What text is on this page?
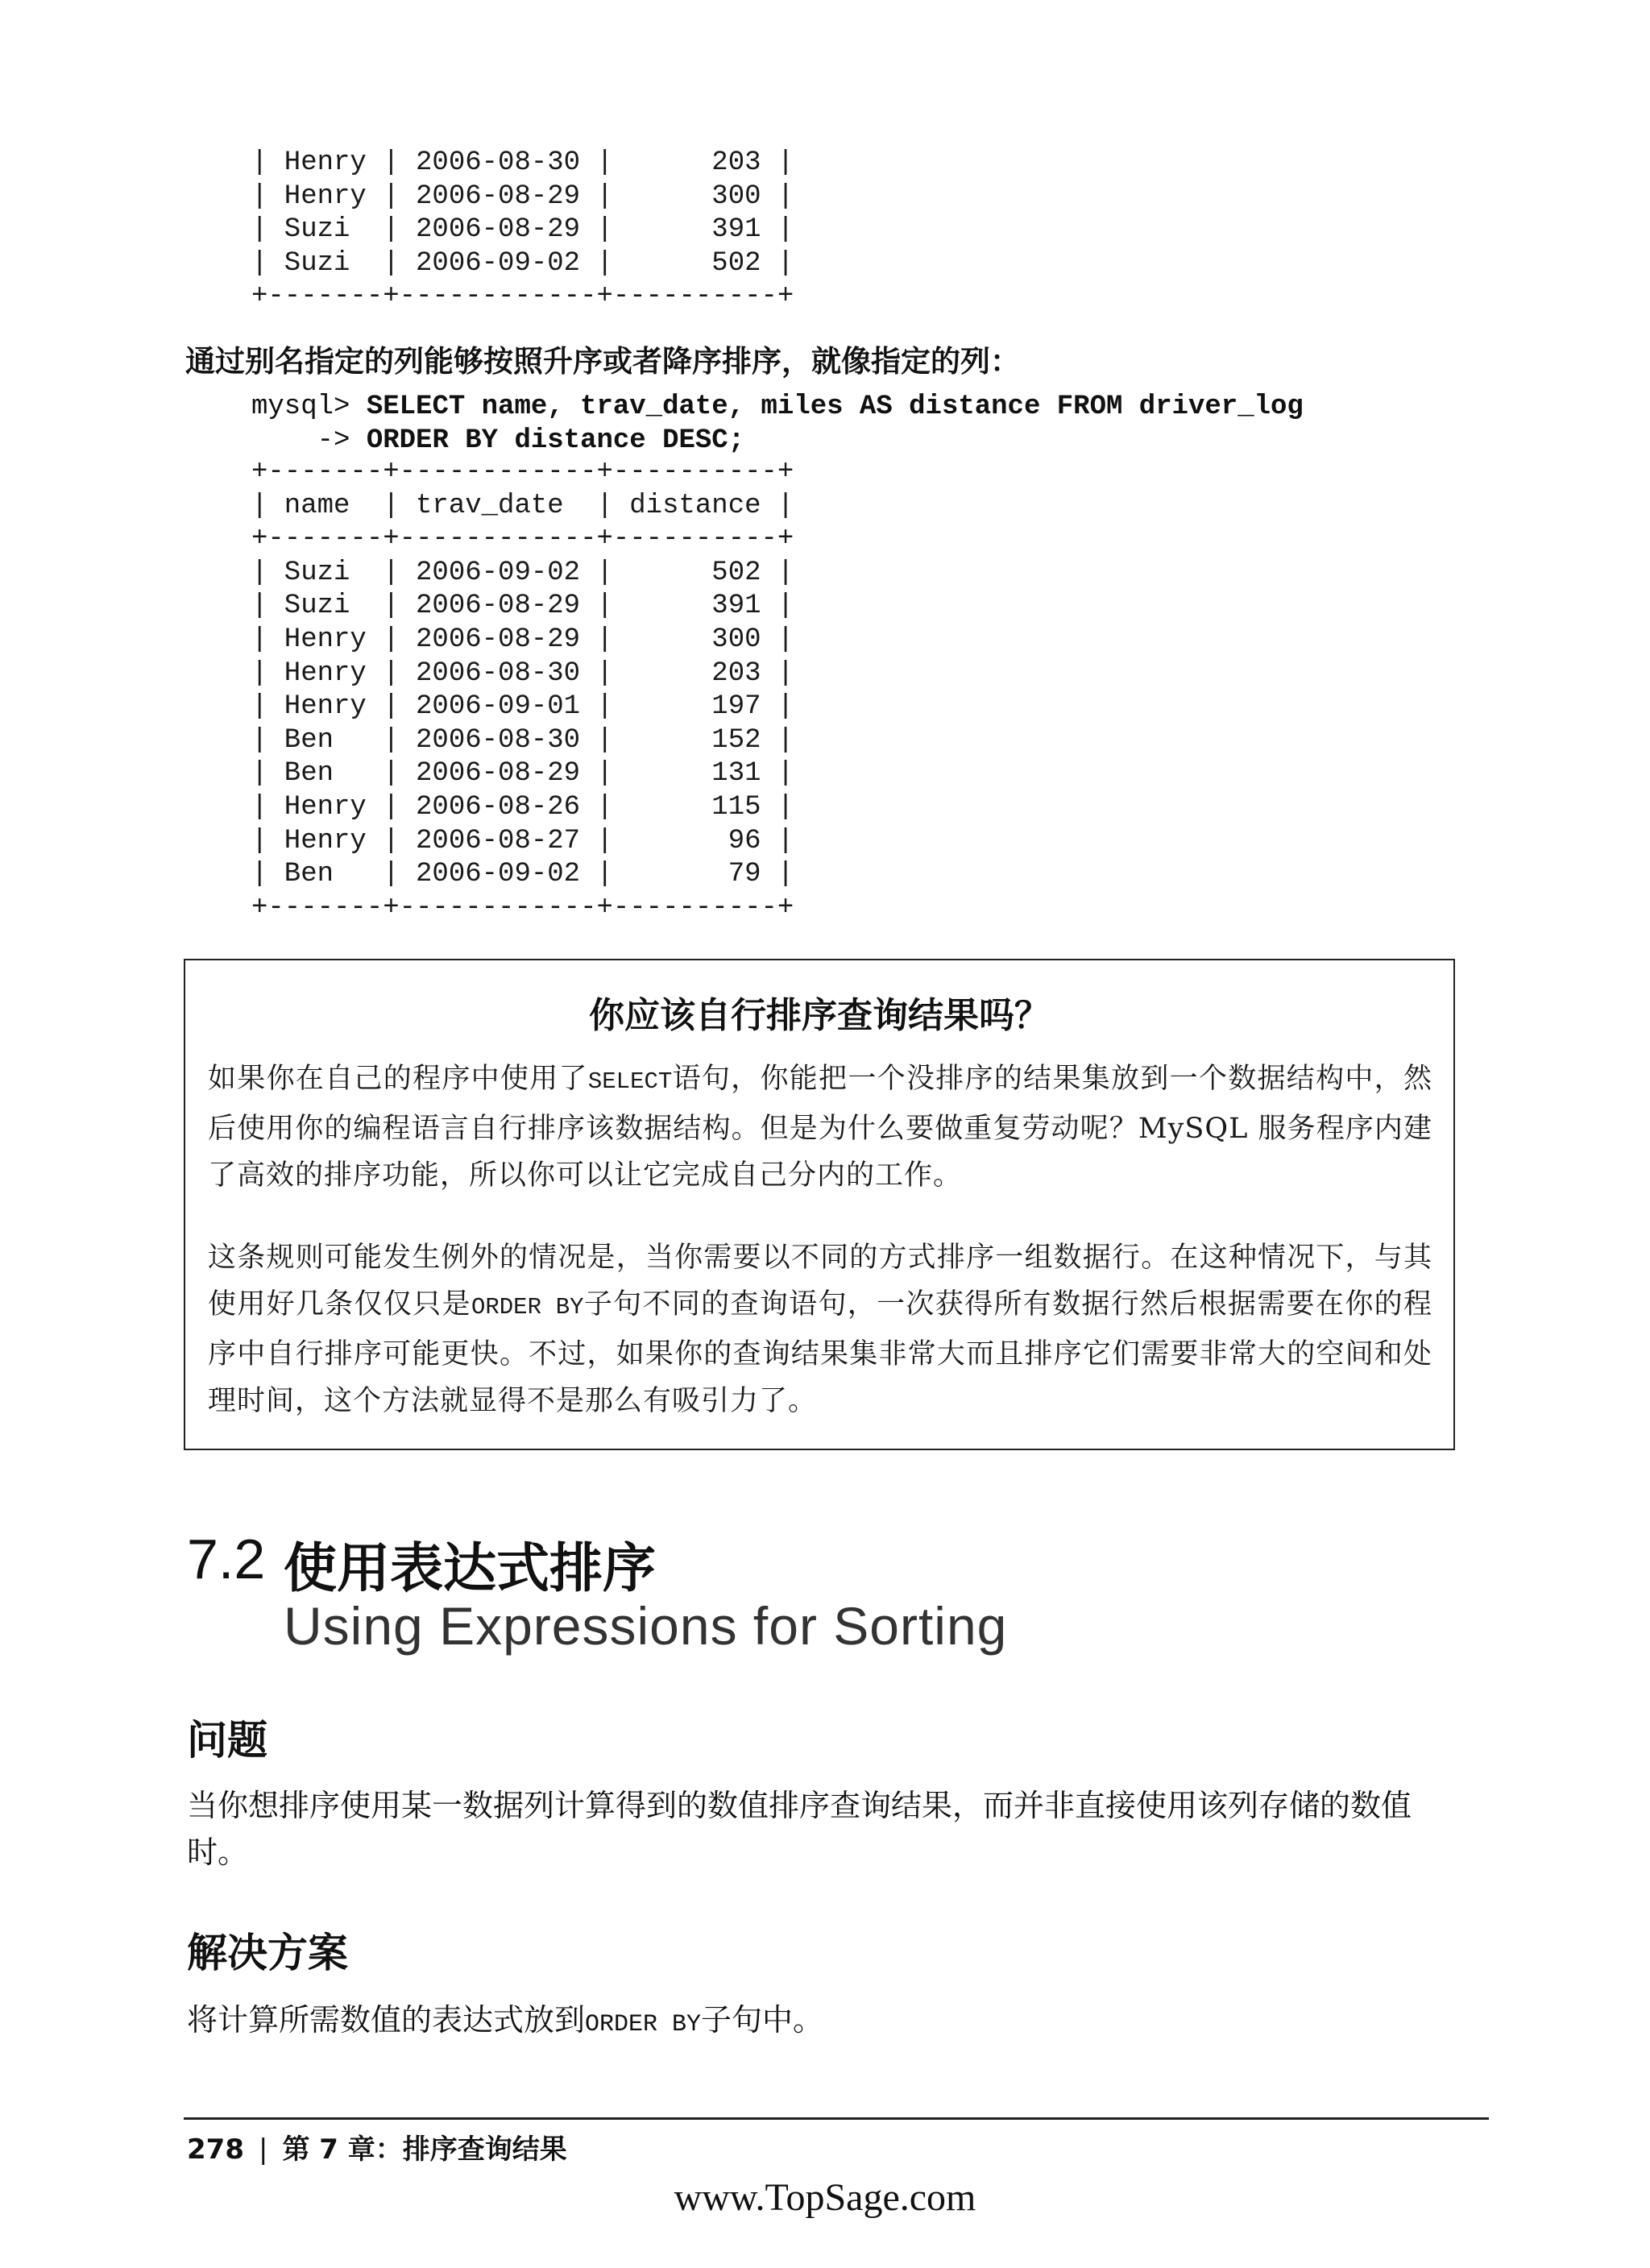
| Henry | 2006-08-30 |      203 |
| Henry | 2006-08-29 |      300 |
| Suzi  | 2006-08-29 |      391 |
| Suzi  | 2006-09-02 |      502 |
+-------+------------+----------+

通过别名指定的列能够按照升序或者降序排序，就像指定的列：

mysql> SELECT name, trav_date, miles AS distance FROM driver_log
-> ORDER BY distance DESC;
+-------+------------+----------+
| name  | trav_date  | distance |
+-------+------------+----------+
| Suzi  | 2006-09-02 |      502 |
| Suzi  | 2006-08-29 |      391 |
| Henry | 2006-08-29 |      300 |
| Henry | 2006-08-30 |      203 |
| Henry | 2006-09-01 |      197 |
| Ben   | 2006-08-30 |      152 |
| Ben   | 2006-08-29 |      131 |
| Henry | 2006-08-26 |      115 |
| Henry | 2006-08-27 |       96 |
| Ben   | 2006-09-02 |       79 |
+-------+------------+----------+
你应该自行排序查询结果吗？

如果你在自己的程序中使用了SELECT语句，你能把一个没排序的结果集放到一个数据结构中，然后使用你的编程语言自行排序该数据结构。但是为什么要做重复劳动呢？MySQL 服务程序内建了高效的排序功能，所以你可以让它完成自己分内的工作。

这条规则可能发生例外的情况是，当你需要以不同的方式排序一组数据行。在这种情况下，与其使用好几条仅仅只是ORDER BY子句不同的查询语句，一次获得所有数据行然后根据需要在你的程序中自行排序可能更快。不过，如果你的查询结果集非常大而且排序它们需要非常大的空间和处理时间，这个方法就显得不是那么有吸引力了。

7.2 使用表达式排序
Using Expressions for Sorting
问题

当你想排序使用某一数据列计算得到的数值排序查询结果，而并非直接使用该列存储的数值时。

解决方案

将计算所需数值的表达式放到ORDER BY子句中。

278 | 第 7 章：排序查询结果

www.TopSage.com
